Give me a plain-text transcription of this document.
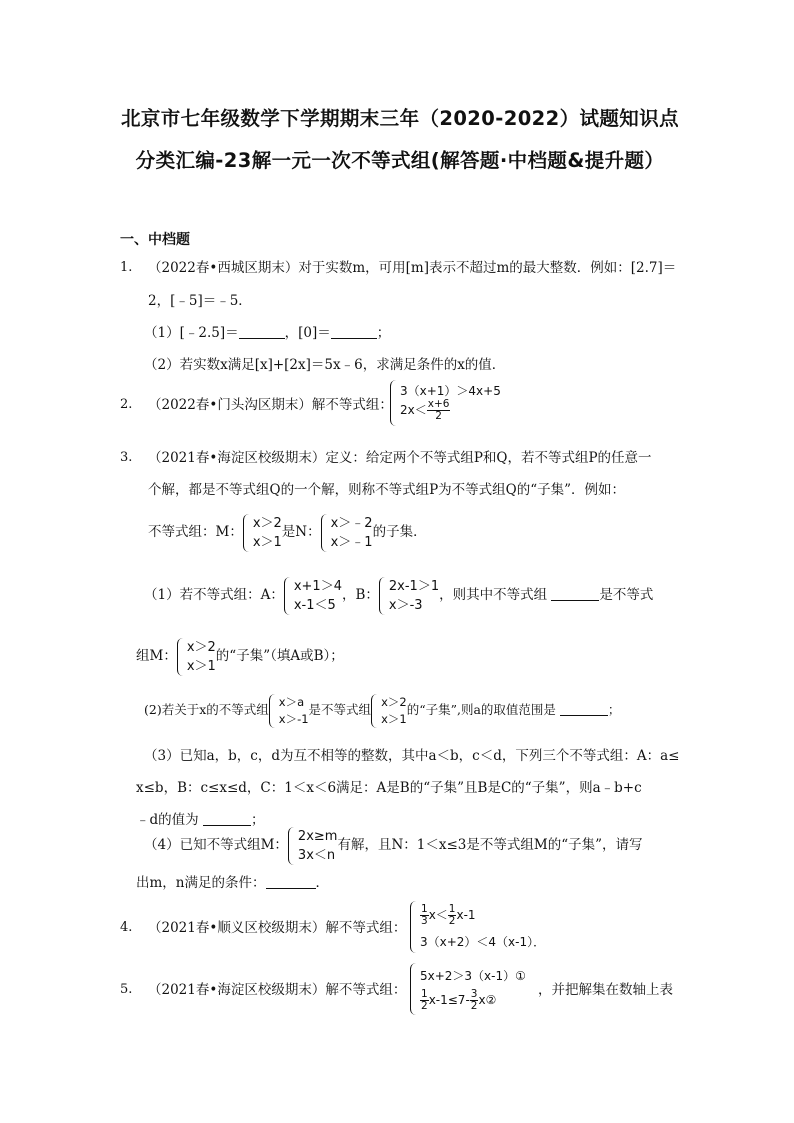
北京市七年级数学下学期期末三年（2020-2022）试题知识点
分类汇编-23解一元一次不等式组(解答题·中档题&提升题）
一、中档题
1. （2022春•西城区期末）对于实数m，可用[m]表示不超过m的最大整数．例如：[2.7]＝
2，[﹣5]＝﹣5．
（1）[﹣2.5]＝	，[0]＝	；
（2）若实数x满足[x]+[2x]＝5x﹣6，求满足条件的x的值．
2. （2022春•门头沟区期末）解不等式组：
3（x+1）＞4x+5
$2x< \frac{x+6}{2}$
3. （2021春•海淀区校级期末）定义：给定两个不等式组P和Q，若不等式组P的任意一
个解，都是不等式组Q的一个解，则称不等式组P为不等式组Q的“子集”．例如：
不等式组：M：
x＞2
x＞1
是N：
x＞﹣2
x＞﹣1
的子集．
（1）若不等式组：A：
x+1＞4
x-1＜5
，B：
2x-1＞1
x＞-3
，则其中不等式组	是不等式
组M：
x＞2
x＞1
的“子集”（填A或B）；
(2)若关于x的不等式组
x＞a
x＞-1
是不等式组
x＞2
x＞1
的“子集”,则a的取值范围是	；
（3）已知a，b，c，d为互不相等的整数，其中a＜b，c＜d，下列三个不等式组：A：a≤
x≤b，B：c≤x≤d，C：1＜x＜6满足：A是B的“子集”且B是C的“子集”，则a﹣b+c
﹣d的值为	；
（4）已知不等式组M：
2x≥m
3x＜n
有解，且N：1＜x≤3是不等式组M的“子集”，请写
出m，n满足的条件：	．
4. （2021春•顺义区校级期末）解不等式组：
$\frac{1}{3} x< \frac{1}{2} x-1$
3（x+2）＜4（x-1）．
5. （2021春•海淀区校级期末）解不等式组：
5x+2＞3（x-1）①
$\frac{1}{2} x-1\le 7- \frac{3}{2}$ x②
，并把解集在数轴上表
